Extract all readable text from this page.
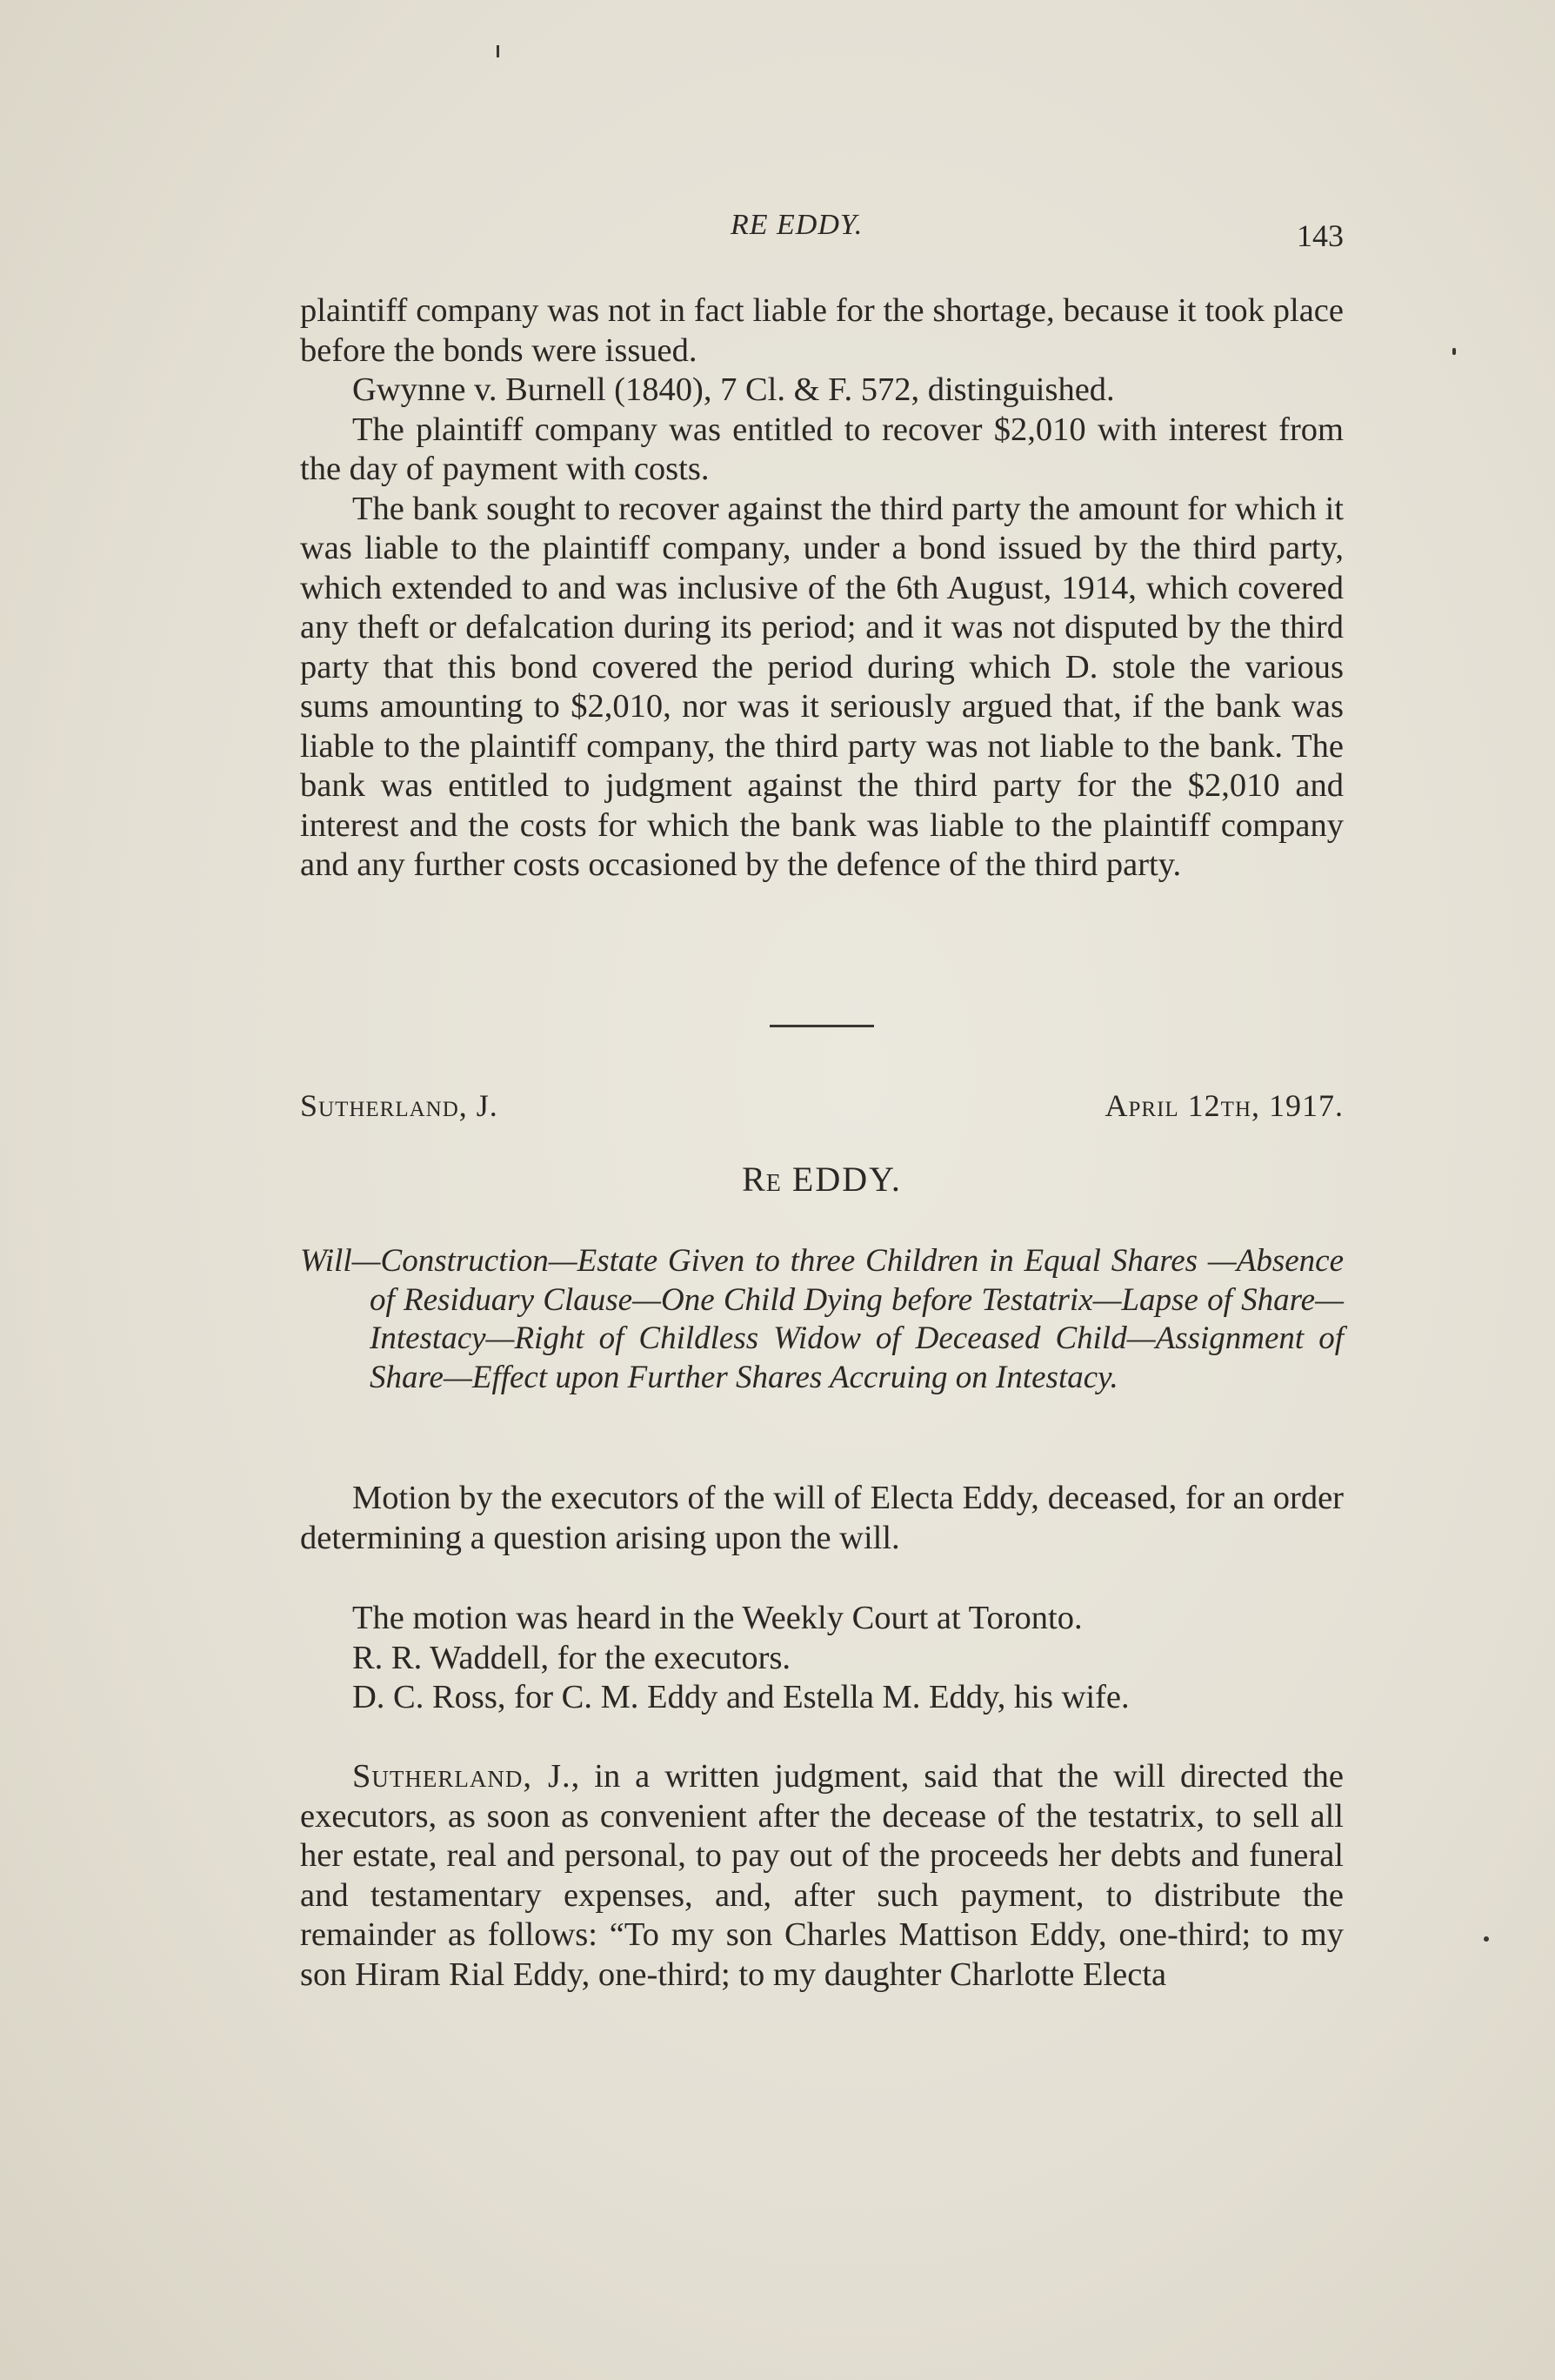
RE EDDY.	143

plaintiff company was not in fact liable for the shortage, because it took place before the bonds were issued.

Gwynne v. Burnell (1840), 7 Cl. & F. 572, distinguished.

The plaintiff company was entitled to recover $2,010 with interest from the day of payment with costs.

The bank sought to recover against the third party the amount for which it was liable to the plaintiff company, under a bond issued by the third party, which extended to and was inclusive of the 6th August, 1914, which covered any theft or defalcation during its period; and it was not disputed by the third party that this bond covered the period during which D. stole the various sums amounting to $2,010, nor was it seriously argued that, if the bank was liable to the plaintiff company, the third party was not liable to the bank. The bank was entitled to judgment against the third party for the $2,010 and interest and the costs for which the bank was liable to the plaintiff company and any further costs occasioned by the defence of the third party.

Sutherland, J.	April 12th, 1917.
Re EDDY.
Will—Construction—Estate Given to three Children in Equal Shares —Absence of Residuary Clause—One Child Dying before Testatrix—Lapse of Share—Intestacy—Right of Childless Widow of Deceased Child—Assignment of Share—Effect upon Further Shares Accruing on Intestacy.

Motion by the executors of the will of Electa Eddy, deceased, for an order determining a question arising upon the will.

The motion was heard in the Weekly Court at Toronto.
R. R. Waddell, for the executors.
D. C. Ross, for C. M. Eddy and Estella M. Eddy, his wife.

Sutherland, J., in a written judgment, said that the will directed the executors, as soon as convenient after the decease of the testatrix, to sell all her estate, real and personal, to pay out of the proceeds her debts and funeral and testamentary expenses, and, after such payment, to distribute the remainder as follows: “To my son Charles Mattison Eddy, one-third; to my son Hiram Rial Eddy, one-third; to my daughter Charlotte Electa
